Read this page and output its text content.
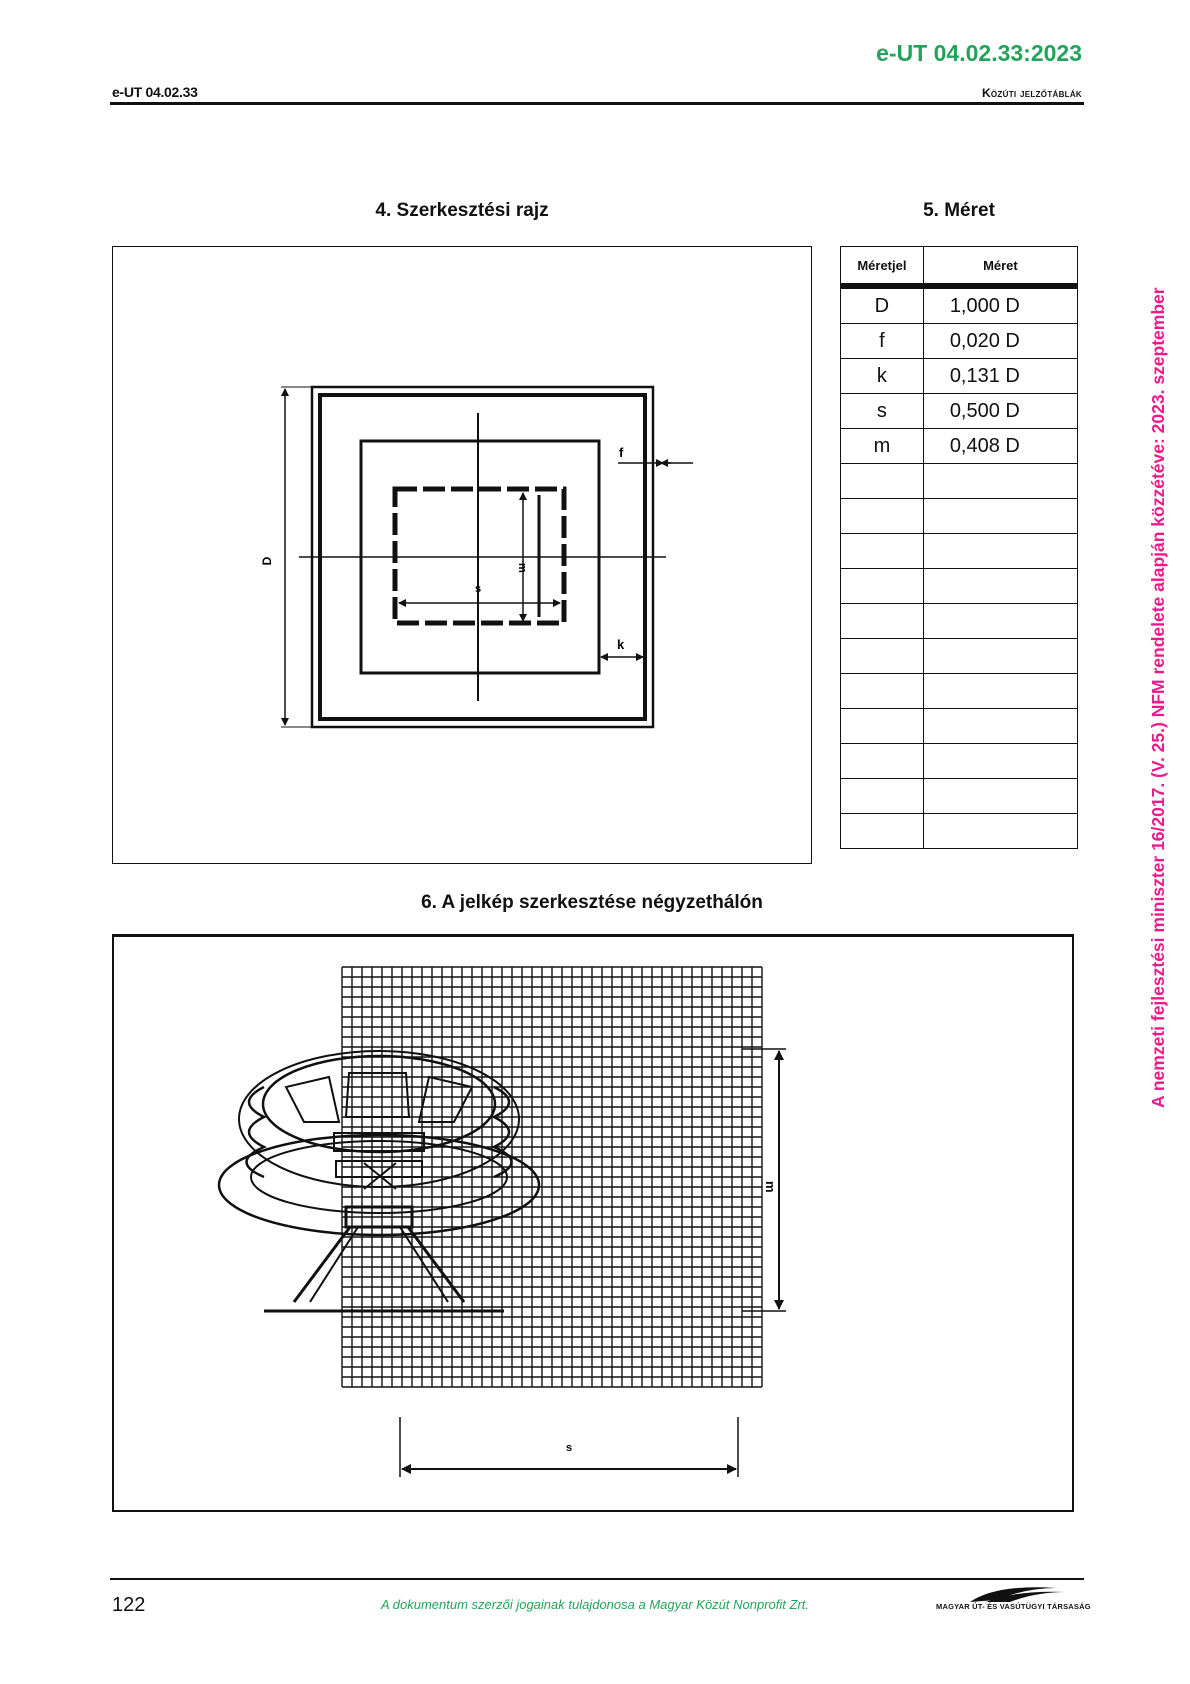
e-UT 04.02.33:2023
e-UT 04.02.33	Közúti jelzőtáblák
A nemzeti fejlesztési miniszter 16/2017. (V. 25.) NFM rendelete alapján közzétéve: 2023. szeptember
4. Szerkesztési rajz
D
f
k
s
m
5. Méret
Méretjel	Méret
D	1,000 D
f	0,020 D
k	0,131 D
s	0,500 D
m	0,408 D

6. A jelkép szerkesztése négyzethálón
m
s
122	A dokumentum szerzői jogainak tulajdonosa a Magyar Közút Nonprofit Zrt.	MAGYAR ÚT- ÉS VASÚTÜGYI TÁRSASÁG
